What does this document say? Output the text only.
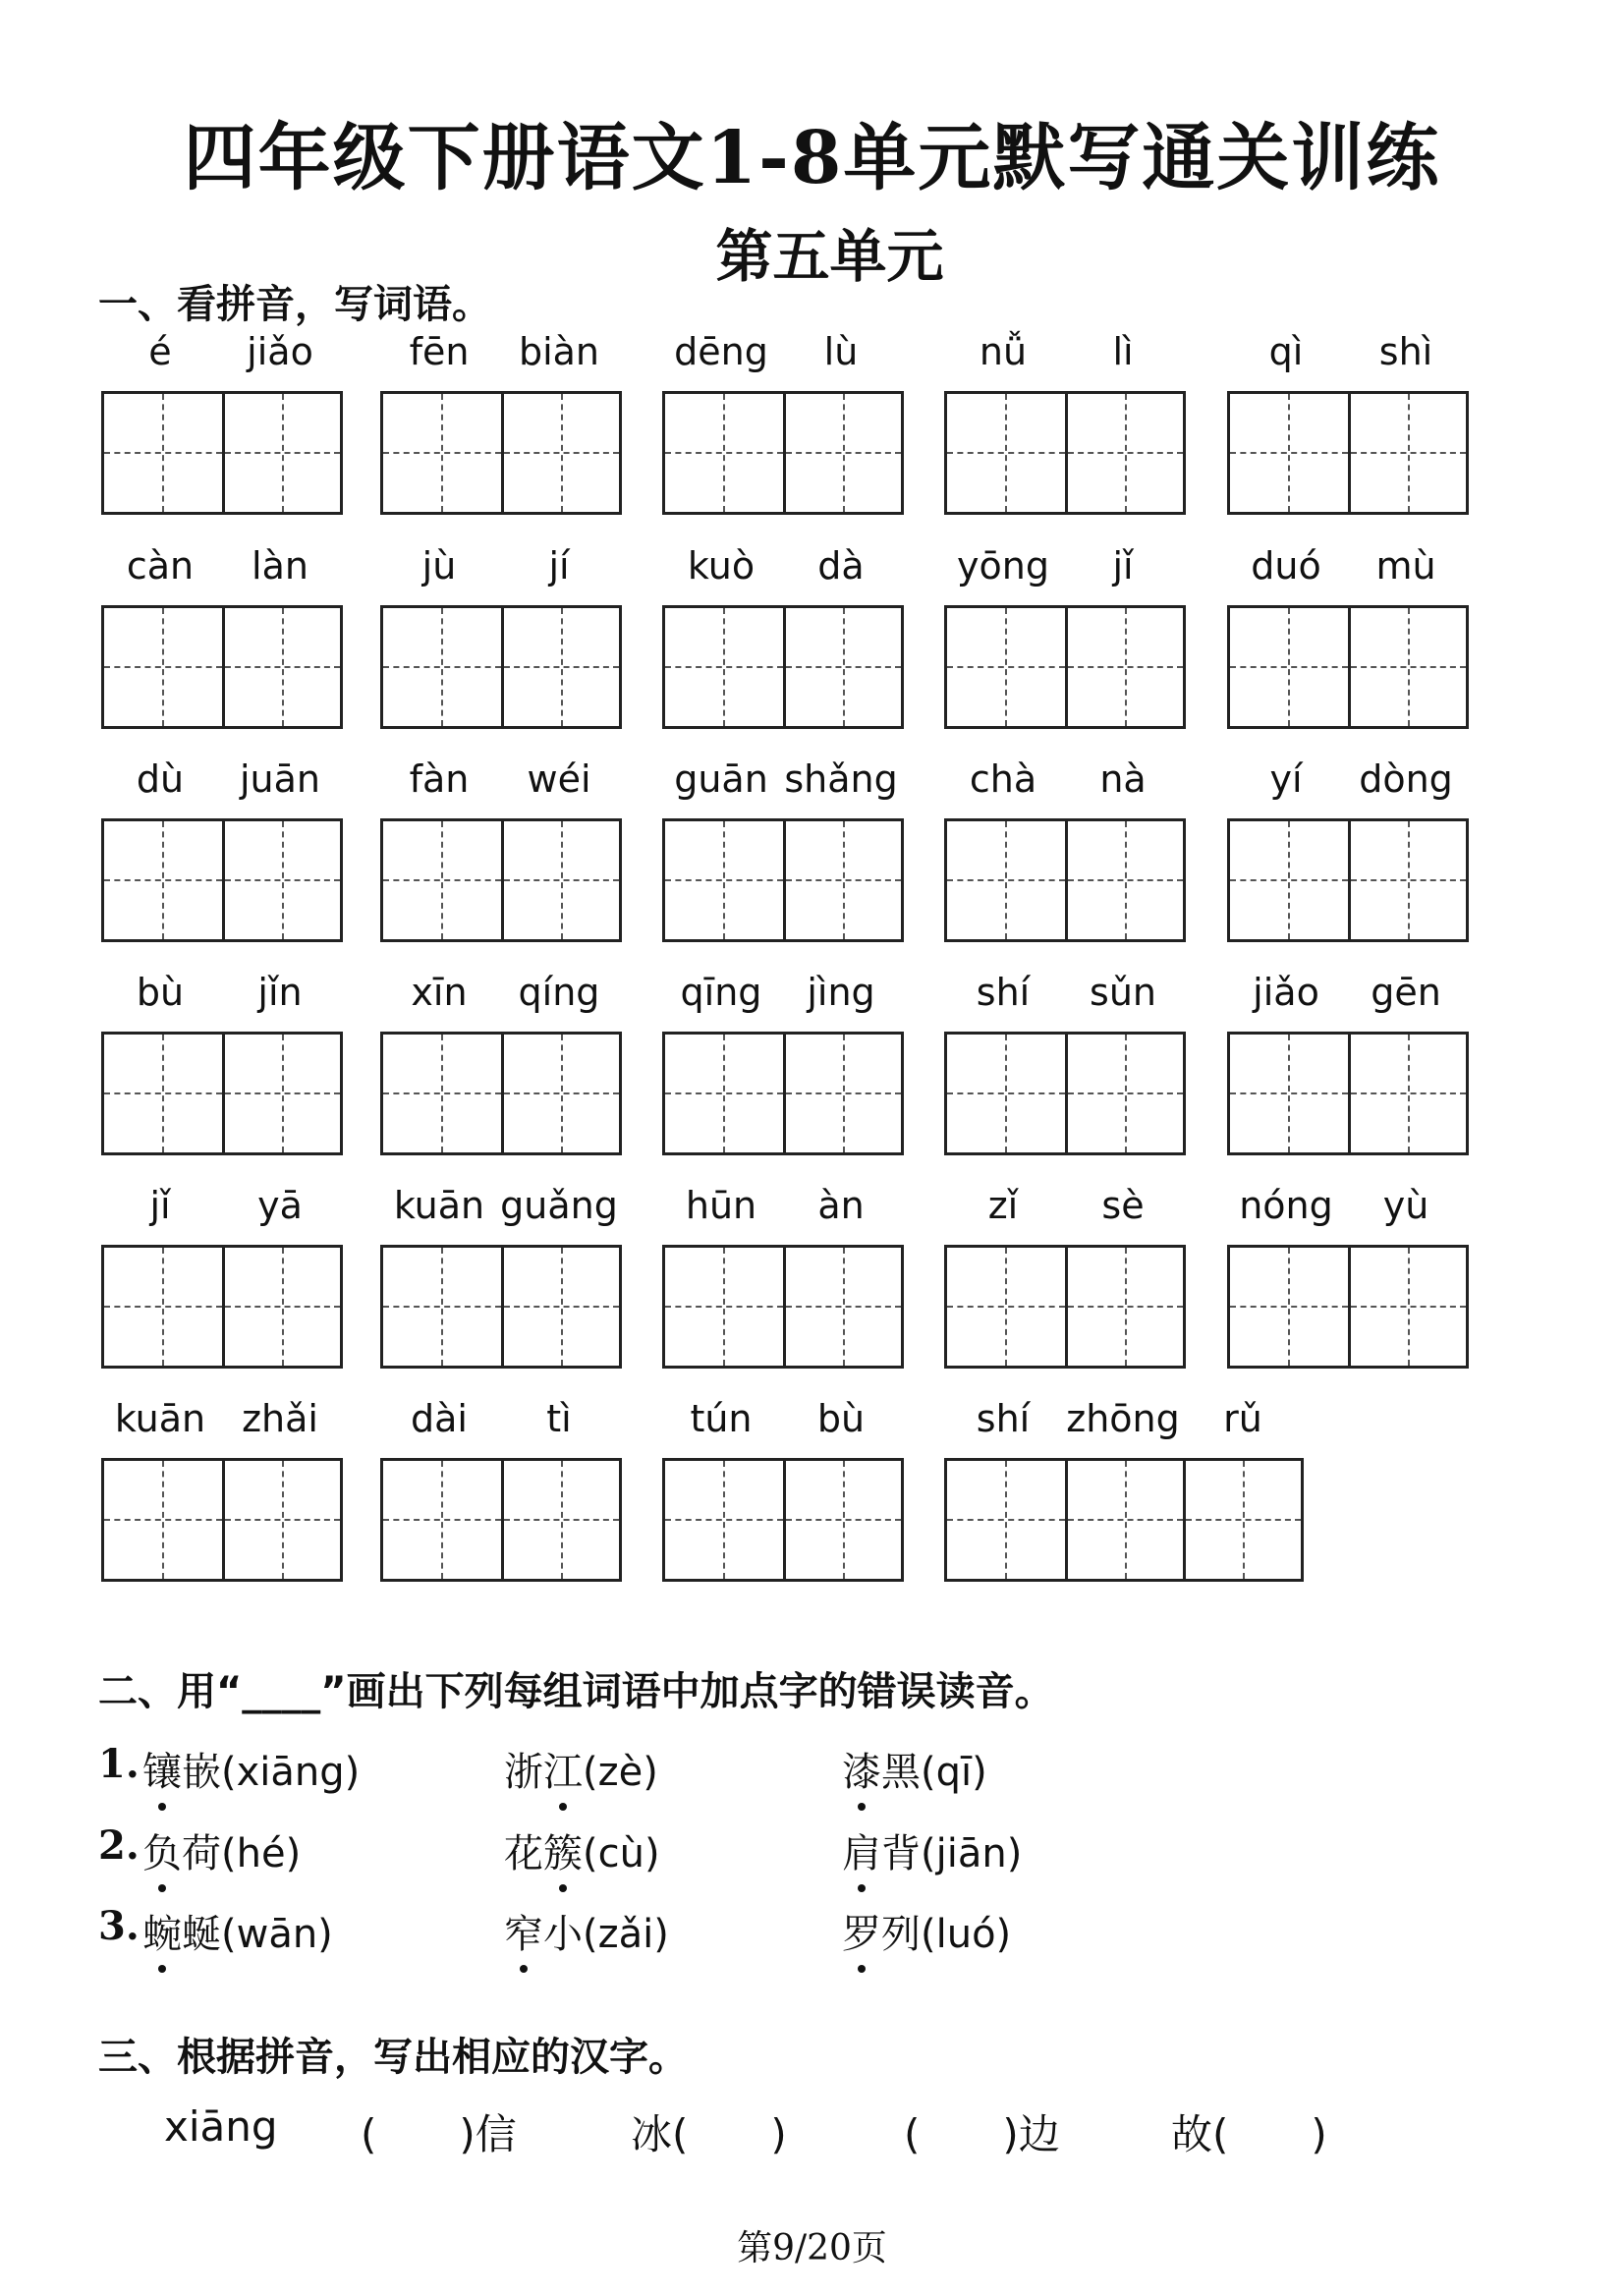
四年级下册语文1-8单元默写通关训练
第五单元
一、看拼音，写词语。
é	jiǎo	fēn	biàn	dēng	lù	nǚ	lì	qì	shì
càn	làn	jù	jí	kuò	dà	yōng	jǐ	duó	mù
dù	juān	fàn	wéi	guān shǎng	chà	nà	yí	dòng
bù	jǐn	xīn	qíng	qīng	jìng	shí	sǔn	jiǎo	gēn
jǐ	yā	kuān guǎng	hūn	àn	zǐ	sè	nóng	yù
kuān zhǎi	dài	tì	tún	bù	shí zhōng	rǔ
二、用“____”画出下列每组词语中加点字的错误读音。
1. 镶嵌(xiāng)	浙江(zè)	漆黑(qī)
2. 负荷(hé)	花簇(cù)	肩背(jiān)
3. 蜿蜒(wān)	窄小(zǎi)	罗列(luó)
三、根据拼音，写出相应的汉字。
xiāng (　　)信	冰(　　)	(　　)边	故(　　)
第9/20页
